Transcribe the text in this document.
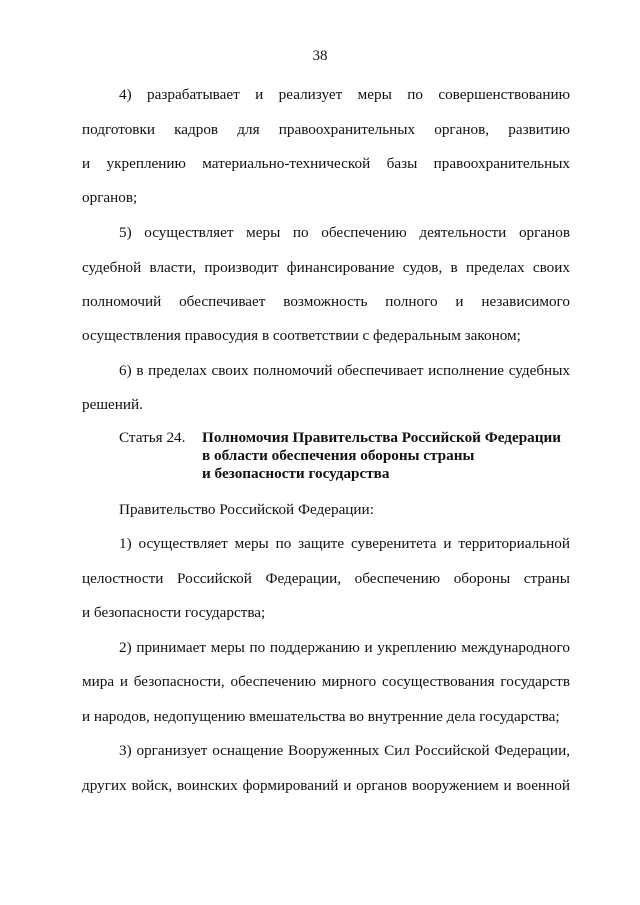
38
4) разрабатывает и реализует меры по совершенствованию
подготовки кадров для правоохранительных органов, развитию
и укреплению материально-технической базы правоохранительных
органов;
5) осуществляет меры по обеспечению деятельности органов
судебной власти, производит финансирование судов, в пределах своих
полномочий обеспечивает возможность полного и независимого
осуществления правосудия в соответствии с федеральным законом;
6) в пределах своих полномочий обеспечивает исполнение судебных
решений.
Статья 24. Полномочия Правительства Российской Федерации
в области обеспечения обороны страны
и безопасности государства
Правительство Российской Федерации:
1) осуществляет меры по защите суверенитета и территориальной
целостности Российской Федерации, обеспечению обороны страны
и безопасности государства;
2) принимает меры по поддержанию и укреплению международного
мира и безопасности, обеспечению мирного сосуществования государств
и народов, недопущению вмешательства во внутренние дела государства;
3) организует оснащение Вооруженных Сил Российской Федерации,
других войск, воинских формирований и органов вооружением и военной
